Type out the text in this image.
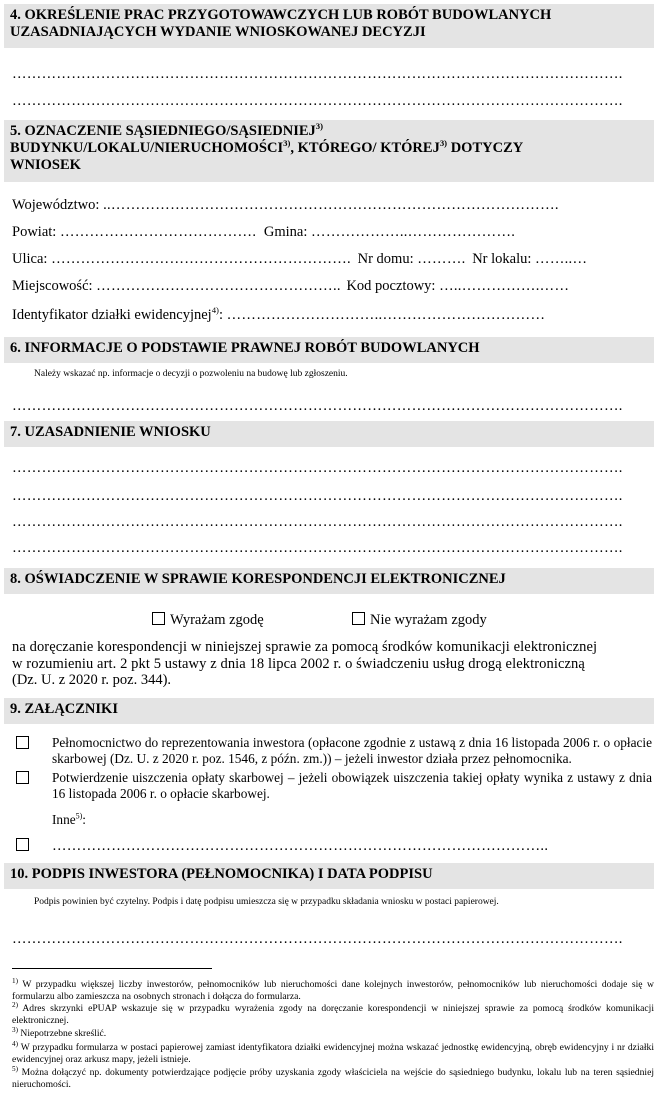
4. OKREŚLENIE PRAC PRZYGOTOWAWCZYCH LUB ROBÓT BUDOWLANYCH
UZASADNIAJĄCYCH WYDANIE WNIOSKOWANEJ DECYZJI
…………………………………………………………………………………………………………….
…………………………………………………………………………………………………………….
5. OZNACZENIE SĄSIEDNIEGO/SĄSIEDNIEJ$^{3)}$
BUDYNKU/LOKALU/NIERUCHOMOŚCI$^{3)}$, KTÓREGO/ KTÓREJ$^{3)}$ DOTYCZY
WNIOSEK
Województwo: ..……………………………………………………………………………….
Powiat: …………………………………. Gmina: ………………..………………….
Ulica: ……………………………………………………. Nr domu: ………. Nr lokalu: ……..…
Miejscowość: ………………………………………….. Kod pocztowy: …..…………….……
Identyfikator działki ewidencyjnej$^{4)}$: …………………………..……………………………
6. INFORMACJE O PODSTAWIE PRAWNEJ ROBÓT BUDOWLANYCH
Należy wskazać np. informacje o decyzji o pozwoleniu na budowę lub zgłoszeniu.
…………………………………………………………………………………………………………….
7. UZASADNIENIE WNIOSKU
…………………………………………………………………………………………………………….
…………………………………………………………………………………………………………….
…………………………………………………………………………………………………………….
…………………………………………………………………………………………………………….
8. OŚWIADCZENIE W SPRAWIE KORESPONDENCJI ELEKTRONICZNEJ
Wyrażam zgodę	Nie wyrażam zgody
na doręczanie korespondencji w niniejszej sprawie za pomocą środków komunikacji elektronicznej
w rozumieniu art. 2 pkt 5 ustawy z dnia 18 lipca 2002 r. o świadczeniu usług drogą elektroniczną
(Dz. U. z 2020 r. poz. 344).
9. ZAŁĄCZNIKI
Pełnomocnictwo do reprezentowania inwestora (opłacone zgodnie z ustawą z dnia 16 listopada 2006 r. o opłacie skarbowej (Dz. U. z 2020 r. poz. 1546, z późn. zm.)) – jeżeli inwestor działa przez pełnomocnika.
Potwierdzenie uiszczenia opłaty skarbowej – jeżeli obowiązek uiszczenia takiej opłaty wynika z ustawy z dnia 16 listopada 2006 r. o opłacie skarbowej.
Inne$^{5)}$:
………………………………………………………………………………………..
10. PODPIS INWESTORA (PEŁNOMOCNIKA) I DATA PODPISU
Podpis powinien być czytelny. Podpis i datę podpisu umieszcza się w przypadku składania wniosku w postaci papierowej.
…………………………………………………………………………………………………………….
$^{1)}$ W przypadku większej liczby inwestorów, pełnomocników lub nieruchomości dane kolejnych inwestorów, pełnomocników lub nieruchomości dodaje się w formularzu albo zamieszcza na osobnych stronach i dołącza do formularza.
$^{2)}$ Adres skrzynki ePUAP wskazuje się w przypadku wyrażenia zgody na doręczanie korespondencji w niniejszej sprawie za pomocą środków komunikacji elektronicznej.
$^{3)}$ Niepotrzebne skreślić.
$^{4)}$ W przypadku formularza w postaci papierowej zamiast identyfikatora działki ewidencyjnej można wskazać jednostkę ewidencyjną, obręb ewidencyjny i nr działki ewidencyjnej oraz arkusz mapy, jeżeli istnieje.
$^{5)}$ Można dołączyć np. dokumenty potwierdzające podjęcie próby uzyskania zgody właściciela na wejście do sąsiedniego budynku, lokalu lub na teren sąsiedniej nieruchomości.
